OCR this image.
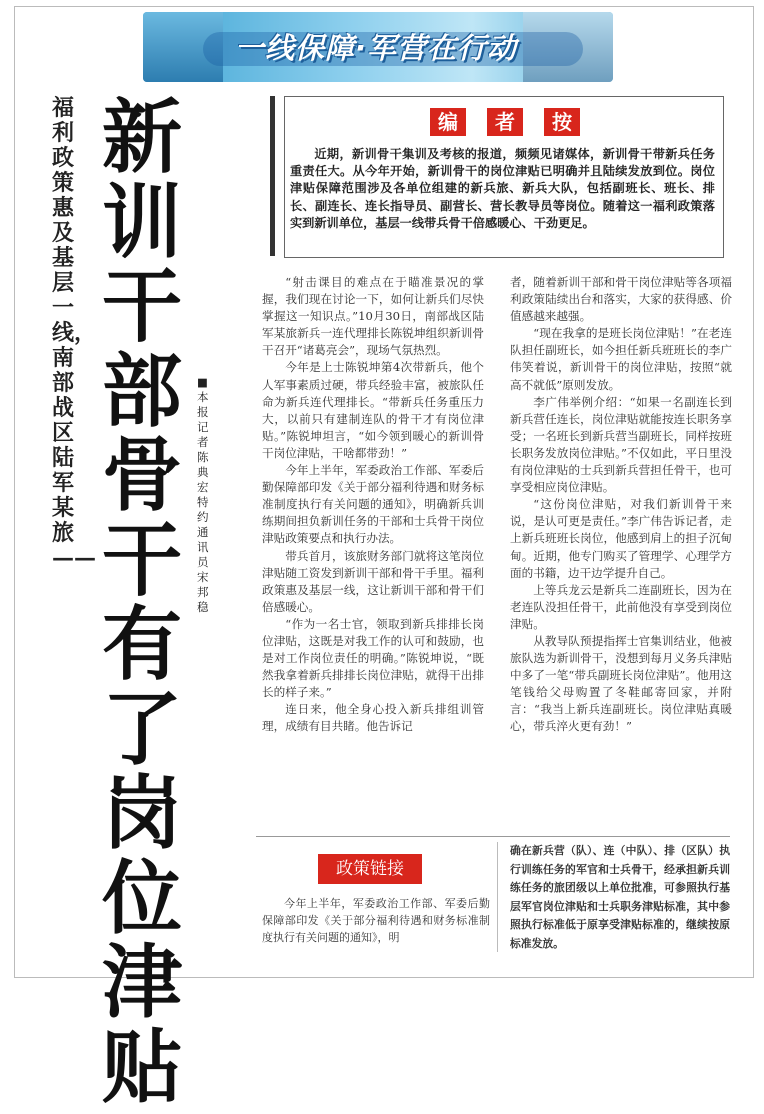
一线保障·军营在行动
福利政策惠及基层一线，南部战区陆军某旅——
新训干部骨干有了岗位津贴
■本报记者 陈典宏 特约通讯员 宋邦稳
编	者	按
近期，新训骨干集训及考核的报道，频频见诸媒体，新训骨干带新兵任务重责任大。从今年开始，新训骨干的岗位津贴已明确并且陆续发放到位。岗位津贴保障范围涉及各单位组建的新兵旅、新兵大队，包括副班长、班长、排长、副连长、连长指导员、副营长、营长教导员等岗位。随着这一福利政策落实到新训单位，基层一线带兵骨干倍感暖心、干劲更足。

“射击课目的难点在于瞄准景况的掌握，我们现在讨论一下，如何让新兵们尽快掌握这一知识点。”10月30日，南部战区陆军某旅新兵一连代理排长陈锐坤组织新训骨干召开“诸葛亮会”，现场气氛热烈。

今年是上士陈锐坤第4次带新兵，他个人军事素质过硬，带兵经验丰富，被旅队任命为新兵连代理排长。“带新兵任务重压力大，以前只有建制连队的骨干才有岗位津贴。”陈锐坤坦言，“如今领到暖心的新训骨干岗位津贴，干啥都带劲！”

今年上半年，军委政治工作部、军委后勤保障部印发《关于部分福利待遇和财务标准制度执行有关问题的通知》，明确新兵训练期间担负新训任务的干部和士兵骨干岗位津贴政策要点和执行办法。

带兵首月，该旅财务部门就将这笔岗位津贴随工资发到新训干部和骨干手里。福利政策惠及基层一线，这让新训干部和骨干们倍感暖心。

“作为一名士官，领取到新兵排排长岗位津贴，这既是对我工作的认可和鼓励，也是对工作岗位责任的明确。”陈锐坤说，“既然我拿着新兵排排长岗位津贴，就得干出排长的样子来。”

连日来，他全身心投入新兵排组训管理，成绩有目共睹。他告诉记

者，随着新训干部和骨干岗位津贴等各项福利政策陆续出台和落实，大家的获得感、价值感越来越强。

“现在我拿的是班长岗位津贴！”在老连队担任副班长，如今担任新兵班班长的李广伟笑着说，新训骨干的岗位津贴，按照“就高不就低”原则发放。

李广伟举例介绍：“如果一名副连长到新兵营任连长，岗位津贴就能按连长职务享受；一名班长到新兵营当副班长，同样按班长职务发放岗位津贴。”不仅如此，平日里没有岗位津贴的士兵到新兵营担任骨干，也可享受相应岗位津贴。

“这份岗位津贴，对我们新训骨干来说，是认可更是责任。”李广伟告诉记者，走上新兵班班长岗位，他感到肩上的担子沉甸甸。近期，他专门购买了管理学、心理学方面的书籍，边干边学提升自己。

上等兵龙云是新兵二连副班长，因为在老连队没担任骨干，此前他没有享受到岗位津贴。

从教导队预提指挥士官集训结业，他被旅队选为新训骨干，没想到每月义务兵津贴中多了一笔“带兵副班长岗位津贴”。他用这笔钱给父母购置了冬鞋邮寄回家，并附言：“我当上新兵连副班长。岗位津贴真暖心，带兵淬火更有劲！”

政策链接
今年上半年，军委政治工作部、军委后勤保障部印发《关于部分福利待遇和财务标准制度执行有关问题的通知》，明
确在新兵营（队）、连（中队）、排（区队）执行训练任务的军官和士兵骨干，经承担新兵训练任务的旅团级以上单位批准，可参照执行基层军官岗位津贴和士兵职务津贴标准，其中参照执行标准低于原享受津贴标准的，继续按原标准发放。
